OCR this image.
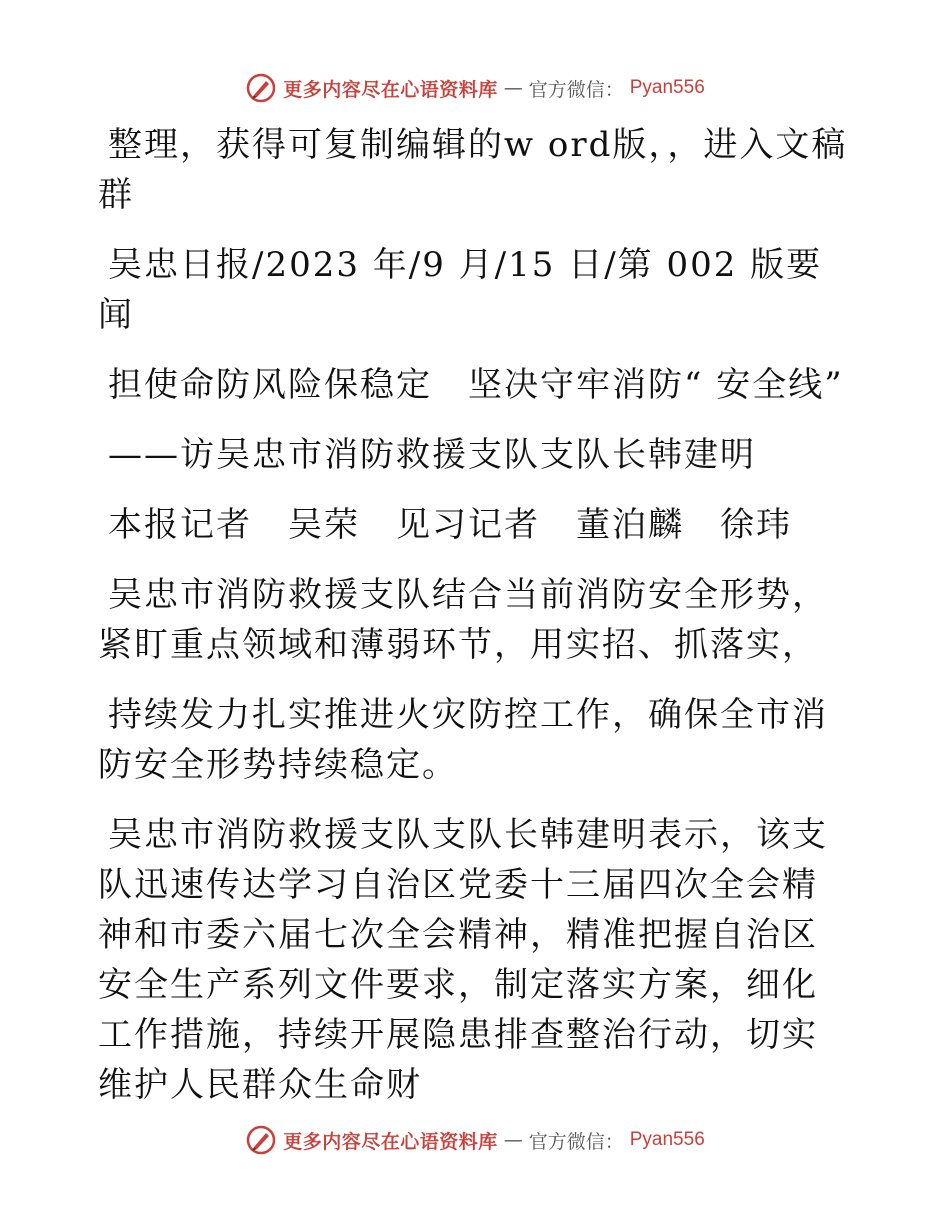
更多内容尽在心语资料库 — 官方微信： Pyan556

整理，获得可复制编辑的w ord版，，进入文稿群

吴忠日报/2023 年/9 月/15 日/第 002 版要闻

担使命防风险保稳定　坚决守牢消防“ 安全线”

——访吴忠市消防救援支队支队长韩建明

本报记者　吴荣　见习记者　董泊麟　徐玮

吴忠市消防救援支队结合当前消防安全形势，紧盯重点领域和薄弱环节，用实招、抓落实，

持续发力扎实推进火灾防控工作，确保全市消防安全形势持续稳定。

吴忠市消防救援支队支队长韩建明表示，该支队迅速传达学习自治区党委十三届四次全会精神和市委六届七次全会精神，精准把握自治区安全生产系列文件要求，制定落实方案，细化工作措施，持续开展隐患排查整治行动，切实维护人民群众生命财

更多内容尽在心语资料库 — 官方微信： Pyan556
